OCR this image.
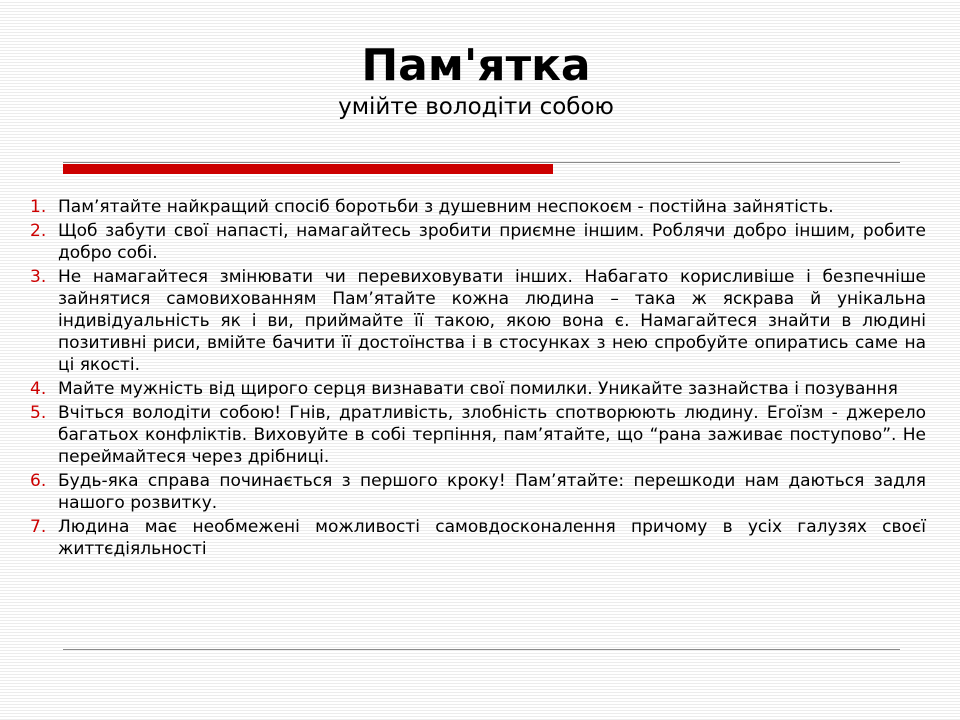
Пам'ятка
умійте володіти собою
1. Пам’ятайте найкращий спосіб боротьби з душевним неспокоєм - постійна зайнятість.
2. Щоб забути свої напасті, намагайтесь зробити приємне іншим. Роблячи добро іншим, робите добро собі.
3. Не намагайтеся змінювати чи перевиховувати інших. Набагато корисливіше і безпечніше зайнятися самовихованням Пам’ятайте кожна людина – така ж яскрава й унікальна індивідуальність як і ви, приймайте її такою, якою вона є. Намагайтеся знайти в людині позитивні риси, вмійте бачити її достоїнства і в стосунках з нею спробуйте опиратись саме на ці якості.
4. Майте мужність від щирого серця визнавати свої помилки. Уникайте зазнайства і позування
5. Вчіться володіти собою! Гнів, дратливість, злобність спотворюють людину. Егоїзм - джерело багатьох конфліктів. Виховуйте в собі терпіння, пам’ятайте, що “рана заживає поступово”. Не переймайтеся через дрібниці.
6. Будь-яка справа починається з першого кроку! Пам’ятайте: перешкоди нам даються задля нашого розвитку.
7. Людина має необмежені можливості самовдосконалення причому в усіх галузях своєї життєдіяльності
